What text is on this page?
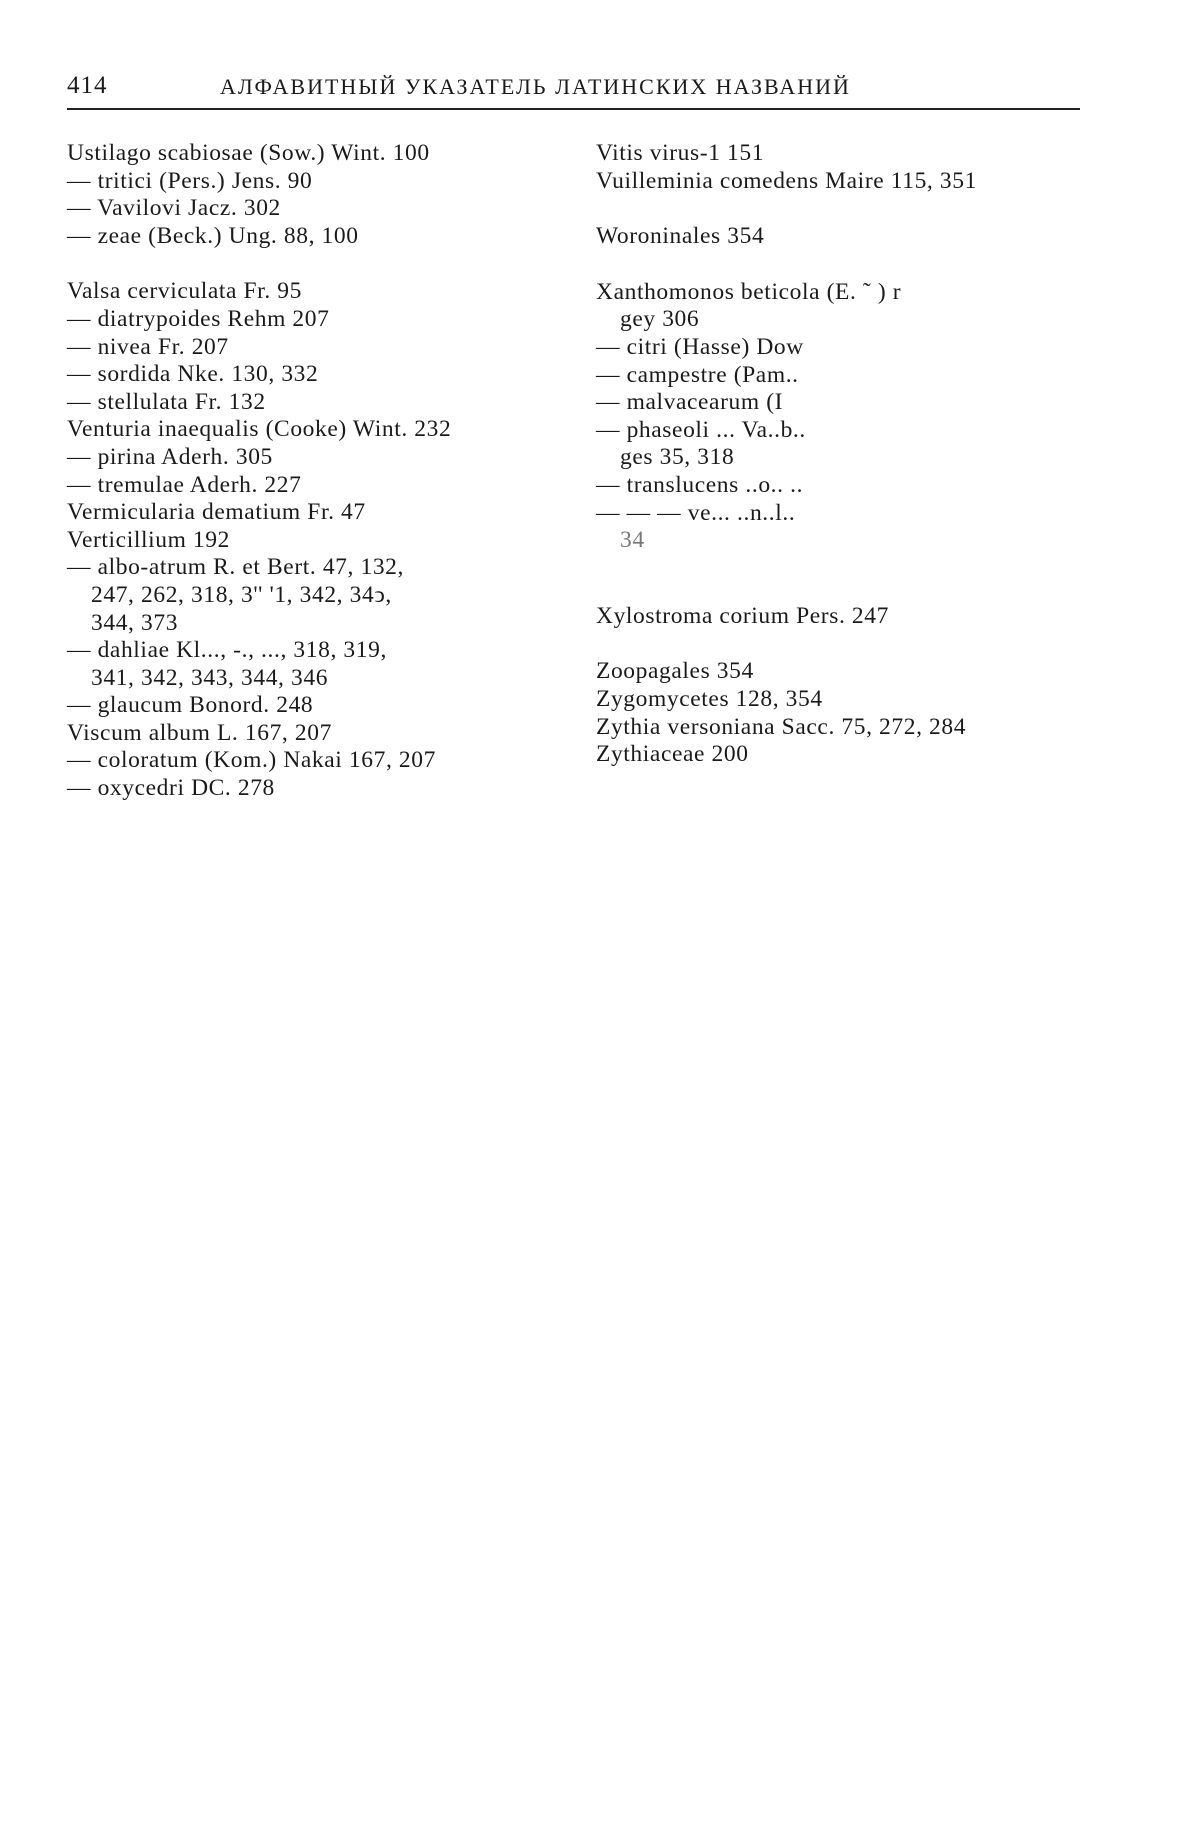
414	АЛФАВИТНЫЙ УКАЗАТЕЛЬ ЛАТИНСКИХ НАЗВАНИЙ
Ustilago scabiosae (Sow.) Wint. 100
— tritici (Pers.) Jens. 90
— Vavilovi Jacz. 302
— zeae (Beck.) Ung. 88, 100
Valsa cerviculata Fr. 95
— diatrypoides Rehm 207
— nivea Fr. 207
— sordida Nke. 130, 332
— stellulata Fr. 132
Venturia inaequalis (Cooke) Wint. 232
— pirina Aderh. 305
— tremulae Aderh. 227
Vermicularia dematium Fr. 47
Verticillium 192
— albo-atrum R. et Bert. 47, 132,
247, 262, 318, 3'' '1, 342, 34ↄ,
344, 373
— dahliae Kl..., -., ..., 318, 319,
341, 342, 343, 344, 346
— glaucum Bonord. 248
Viscum album L. 167, 207
— coloratum (Kom.) Nakai 167, 207
— oxycedri DC. 278
Vitis virus-1 151
Vuilleminia comedens Maire 115, 351
Woroninales 354
Xanthomonos beticola (E. ˜ ) r
gey 306
— citri (Hasse) Dow
— campestre (Pam..
— malvacearum (I
— phaseoli ... Va..b..
ges 35, 318
— translucens ..o.. ..
— — — ve... ..n..l..
34
Xylostroma corium Pers. 247
Zoopagales 354
Zygomycetes 128, 354
Zythia versoniana Sacc. 75, 272, 284
Zythiaceae 200
